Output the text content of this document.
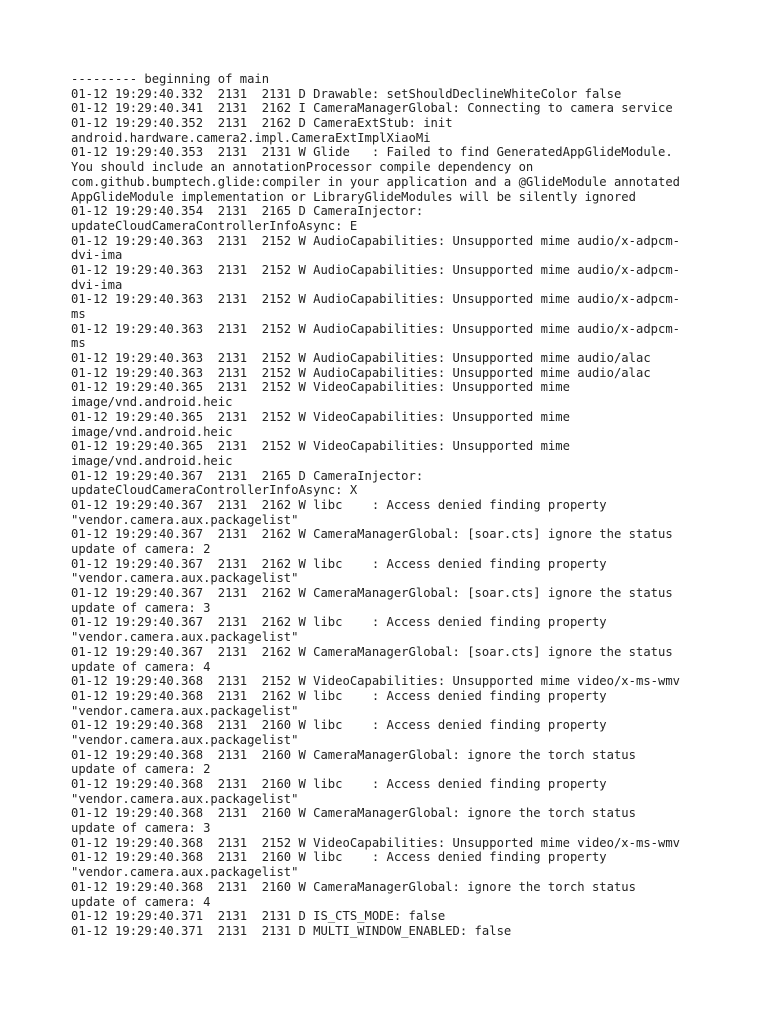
--------- beginning of main
01-12 19:29:40.332  2131  2131 D Drawable: setShouldDeclineWhiteColor false
01-12 19:29:40.341  2131  2162 I CameraManagerGlobal: Connecting to camera service
01-12 19:29:40.352  2131  2162 D CameraExtStub: init
android.hardware.camera2.impl.CameraExtImplXiaoMi
01-12 19:29:40.353  2131  2131 W Glide   : Failed to find GeneratedAppGlideModule.
You should include an annotationProcessor compile dependency on
com.github.bumptech.glide:compiler in your application and a @GlideModule annotated
AppGlideModule implementation or LibraryGlideModules will be silently ignored
01-12 19:29:40.354  2131  2165 D CameraInjector:
updateCloudCameraControllerInfoAsync: E
01-12 19:29:40.363  2131  2152 W AudioCapabilities: Unsupported mime audio/x-adpcm-
dvi-ima
01-12 19:29:40.363  2131  2152 W AudioCapabilities: Unsupported mime audio/x-adpcm-
dvi-ima
01-12 19:29:40.363  2131  2152 W AudioCapabilities: Unsupported mime audio/x-adpcm-
ms
01-12 19:29:40.363  2131  2152 W AudioCapabilities: Unsupported mime audio/x-adpcm-
ms
01-12 19:29:40.363  2131  2152 W AudioCapabilities: Unsupported mime audio/alac
01-12 19:29:40.363  2131  2152 W AudioCapabilities: Unsupported mime audio/alac
01-12 19:29:40.365  2131  2152 W VideoCapabilities: Unsupported mime
image/vnd.android.heic
01-12 19:29:40.365  2131  2152 W VideoCapabilities: Unsupported mime
image/vnd.android.heic
01-12 19:29:40.365  2131  2152 W VideoCapabilities: Unsupported mime
image/vnd.android.heic
01-12 19:29:40.367  2131  2165 D CameraInjector:
updateCloudCameraControllerInfoAsync: X
01-12 19:29:40.367  2131  2162 W libc    : Access denied finding property
"vendor.camera.aux.packagelist"
01-12 19:29:40.367  2131  2162 W CameraManagerGlobal: [soar.cts] ignore the status
update of camera: 2
01-12 19:29:40.367  2131  2162 W libc    : Access denied finding property
"vendor.camera.aux.packagelist"
01-12 19:29:40.367  2131  2162 W CameraManagerGlobal: [soar.cts] ignore the status
update of camera: 3
01-12 19:29:40.367  2131  2162 W libc    : Access denied finding property
"vendor.camera.aux.packagelist"
01-12 19:29:40.367  2131  2162 W CameraManagerGlobal: [soar.cts] ignore the status
update of camera: 4
01-12 19:29:40.368  2131  2152 W VideoCapabilities: Unsupported mime video/x-ms-wmv
01-12 19:29:40.368  2131  2162 W libc    : Access denied finding property
"vendor.camera.aux.packagelist"
01-12 19:29:40.368  2131  2160 W libc    : Access denied finding property
"vendor.camera.aux.packagelist"
01-12 19:29:40.368  2131  2160 W CameraManagerGlobal: ignore the torch status
update of camera: 2
01-12 19:29:40.368  2131  2160 W libc    : Access denied finding property
"vendor.camera.aux.packagelist"
01-12 19:29:40.368  2131  2160 W CameraManagerGlobal: ignore the torch status
update of camera: 3
01-12 19:29:40.368  2131  2152 W VideoCapabilities: Unsupported mime video/x-ms-wmv
01-12 19:29:40.368  2131  2160 W libc    : Access denied finding property
"vendor.camera.aux.packagelist"
01-12 19:29:40.368  2131  2160 W CameraManagerGlobal: ignore the torch status
update of camera: 4
01-12 19:29:40.371  2131  2131 D IS_CTS_MODE: false
01-12 19:29:40.371  2131  2131 D MULTI_WINDOW_ENABLED: false
